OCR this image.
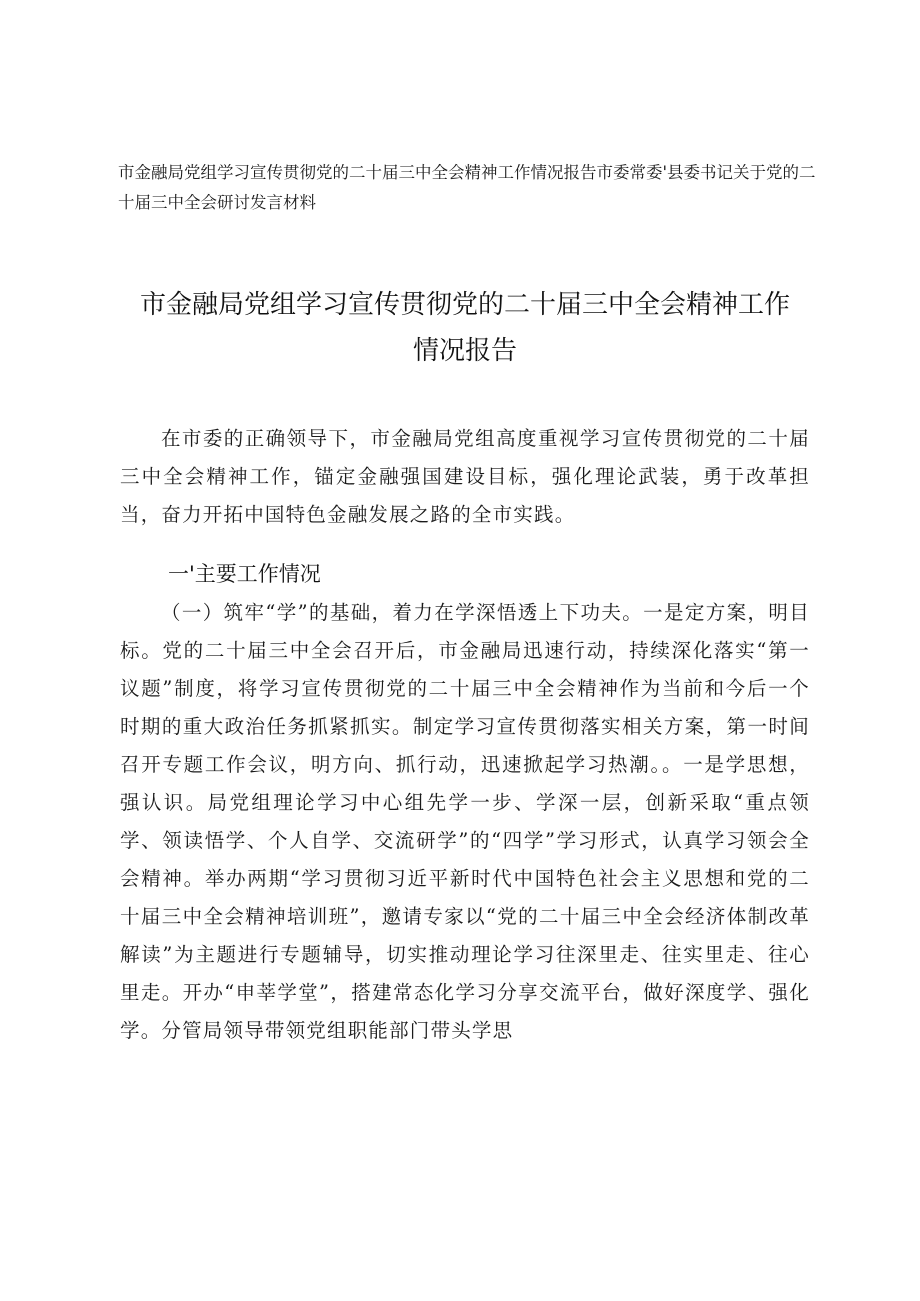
市金融局党组学习宣传贯彻党的二十届三中全会精神工作情况报告市委常委'县委书记关于党的二十届三中全会研讨发言材料
市金融局党组学习宣传贯彻党的二十届三中全会精神工作情况报告
在市委的正确领导下，市金融局党组高度重视学习宣传贯彻党的二十届三中全会精神工作，锚定金融强国建设目标，强化理论武装，勇于改革担当，奋力开拓中国特色金融发展之路的全市实践。
一'主要工作情况
（一）筑牢“学”的基础，着力在学深悟透上下功夫。一是定方案，明目标。党的二十届三中全会召开后，市金融局迅速行动，持续深化落实“第一议题”制度，将学习宣传贯彻党的二十届三中全会精神作为当前和今后一个时期的重大政治任务抓紧抓实。制定学习宣传贯彻落实相关方案，第一时间召开专题工作会议，明方向、抓行动，迅速掀起学习热潮。。一是学思想，强认识。局党组理论学习中心组先学一步、学深一层，创新采取“重点领学、领读悟学、个人自学、交流研学”的“四学”学习形式，认真学习领会全会精神。举办两期“学习贯彻习近平新时代中国特色社会主义思想和党的二十届三中全会精神培训班”，邀请专家以“党的二十届三中全会经济体制改革解读”为主题进行专题辅导，切实推动理论学习往深里走、往实里走、往心里走。开办“申莘学堂”，搭建常态化学习分享交流平台，做好深度学、强化学。分管局领导带领党组职能部门带头学思
